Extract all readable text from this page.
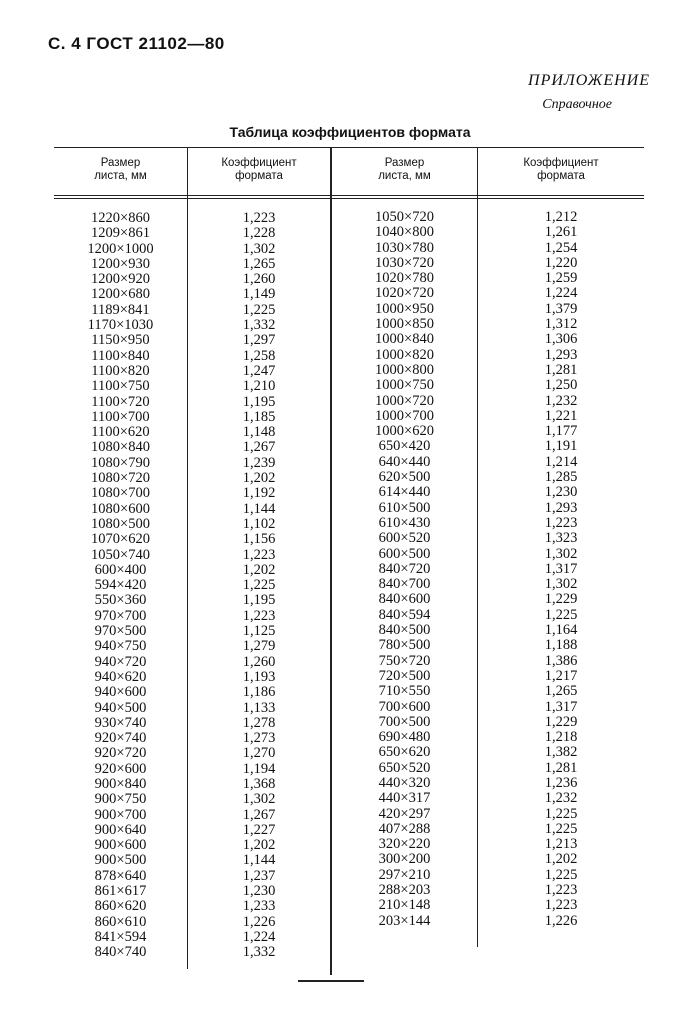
С. 4 ГОСТ 21102—80
ПРИЛОЖЕНИЕ
Справочное
Таблица коэффициентов формата
Размер
листа, мм
Коэффициент
формата
Размер
листа, мм
Коэффициент
формата
1220×860
1209×861
1200×1000
1200×930
1200×920
1200×680
1189×841
1170×1030
1150×950
1100×840
1100×820
1100×750
1100×720
1100×700
1100×620
1080×840
1080×790
1080×720
1080×700
1080×600
1080×500
1070×620
1050×740
600×400
594×420
550×360
970×700
970×500
940×750
940×720
940×620
940×600
940×500
930×740
920×740
920×720
920×600
900×840
900×750
900×700
900×640
900×600
900×500
878×640
861×617
860×620
860×610
841×594
840×740
1,223
1,228
1,302
1,265
1,260
1,149
1,225
1,332
1,297
1,258
1,247
1,210
1,195
1,185
1,148
1,267
1,239
1,202
1,192
1,144
1,102
1,156
1,223
1,202
1,225
1,195
1,223
1,125
1,279
1,260
1,193
1,186
1,133
1,278
1,273
1,270
1,194
1,368
1,302
1,267
1,227
1,202
1,144
1,237
1,230
1,233
1,226
1,224
1,332
1050×720
1040×800
1030×780
1030×720
1020×780
1020×720
1000×950
1000×850
1000×840
1000×820
1000×800
1000×750
1000×720
1000×700
1000×620
650×420
640×440
620×500
614×440
610×500
610×430
600×520
600×500
840×720
840×700
840×600
840×594
840×500
780×500
750×720
720×500
710×550
700×600
700×500
690×480
650×620
650×520
440×320
440×317
420×297
407×288
320×220
300×200
297×210
288×203
210×148
203×144
1,212
1,261
1,254
1,220
1,259
1,224
1,379
1,312
1,306
1,293
1,281
1,250
1,232
1,221
1,177
1,191
1,214
1,285
1,230
1,293
1,223
1,323
1,302
1,317
1,302
1,229
1,225
1,164
1,188
1,386
1,217
1,265
1,317
1,229
1,218
1,382
1,281
1,236
1,232
1,225
1,225
1,213
1,202
1,225
1,223
1,223
1,226
